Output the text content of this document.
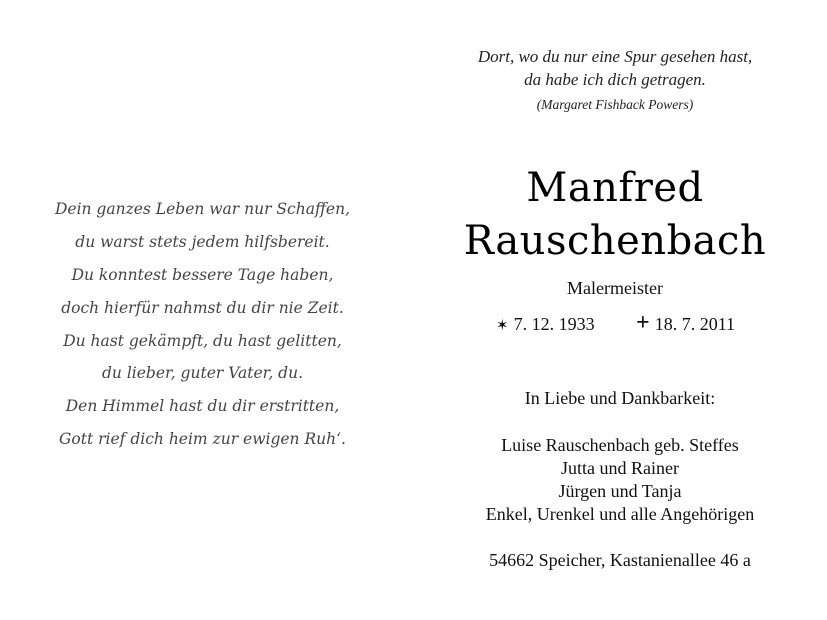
Dein ganzes Leben war nur Schaffen,
du warst stets jedem hilfsbereit.
Du konntest bessere Tage haben,
doch hierfür nahmst du dir nie Zeit.
Du hast gekämpft, du hast gelitten,
du lieber, guter Vater, du.
Den Himmel hast du dir erstritten,
Gott rief dich heim zur ewigen Ruh‘.
Dort, wo du nur eine Spur gesehen hast,
da habe ich dich getragen.
(Margaret Fishback Powers)
Manfred
Rauschenbach
Malermeister
✶ 7. 12. 1933 + 18. 7. 2011
In Liebe und Dankbarkeit:
Luise Rauschenbach geb. Steffes
Jutta und Rainer
Jürgen und Tanja
Enkel, Urenkel und alle Angehörigen
54662 Speicher, Kastanienallee 46 a
